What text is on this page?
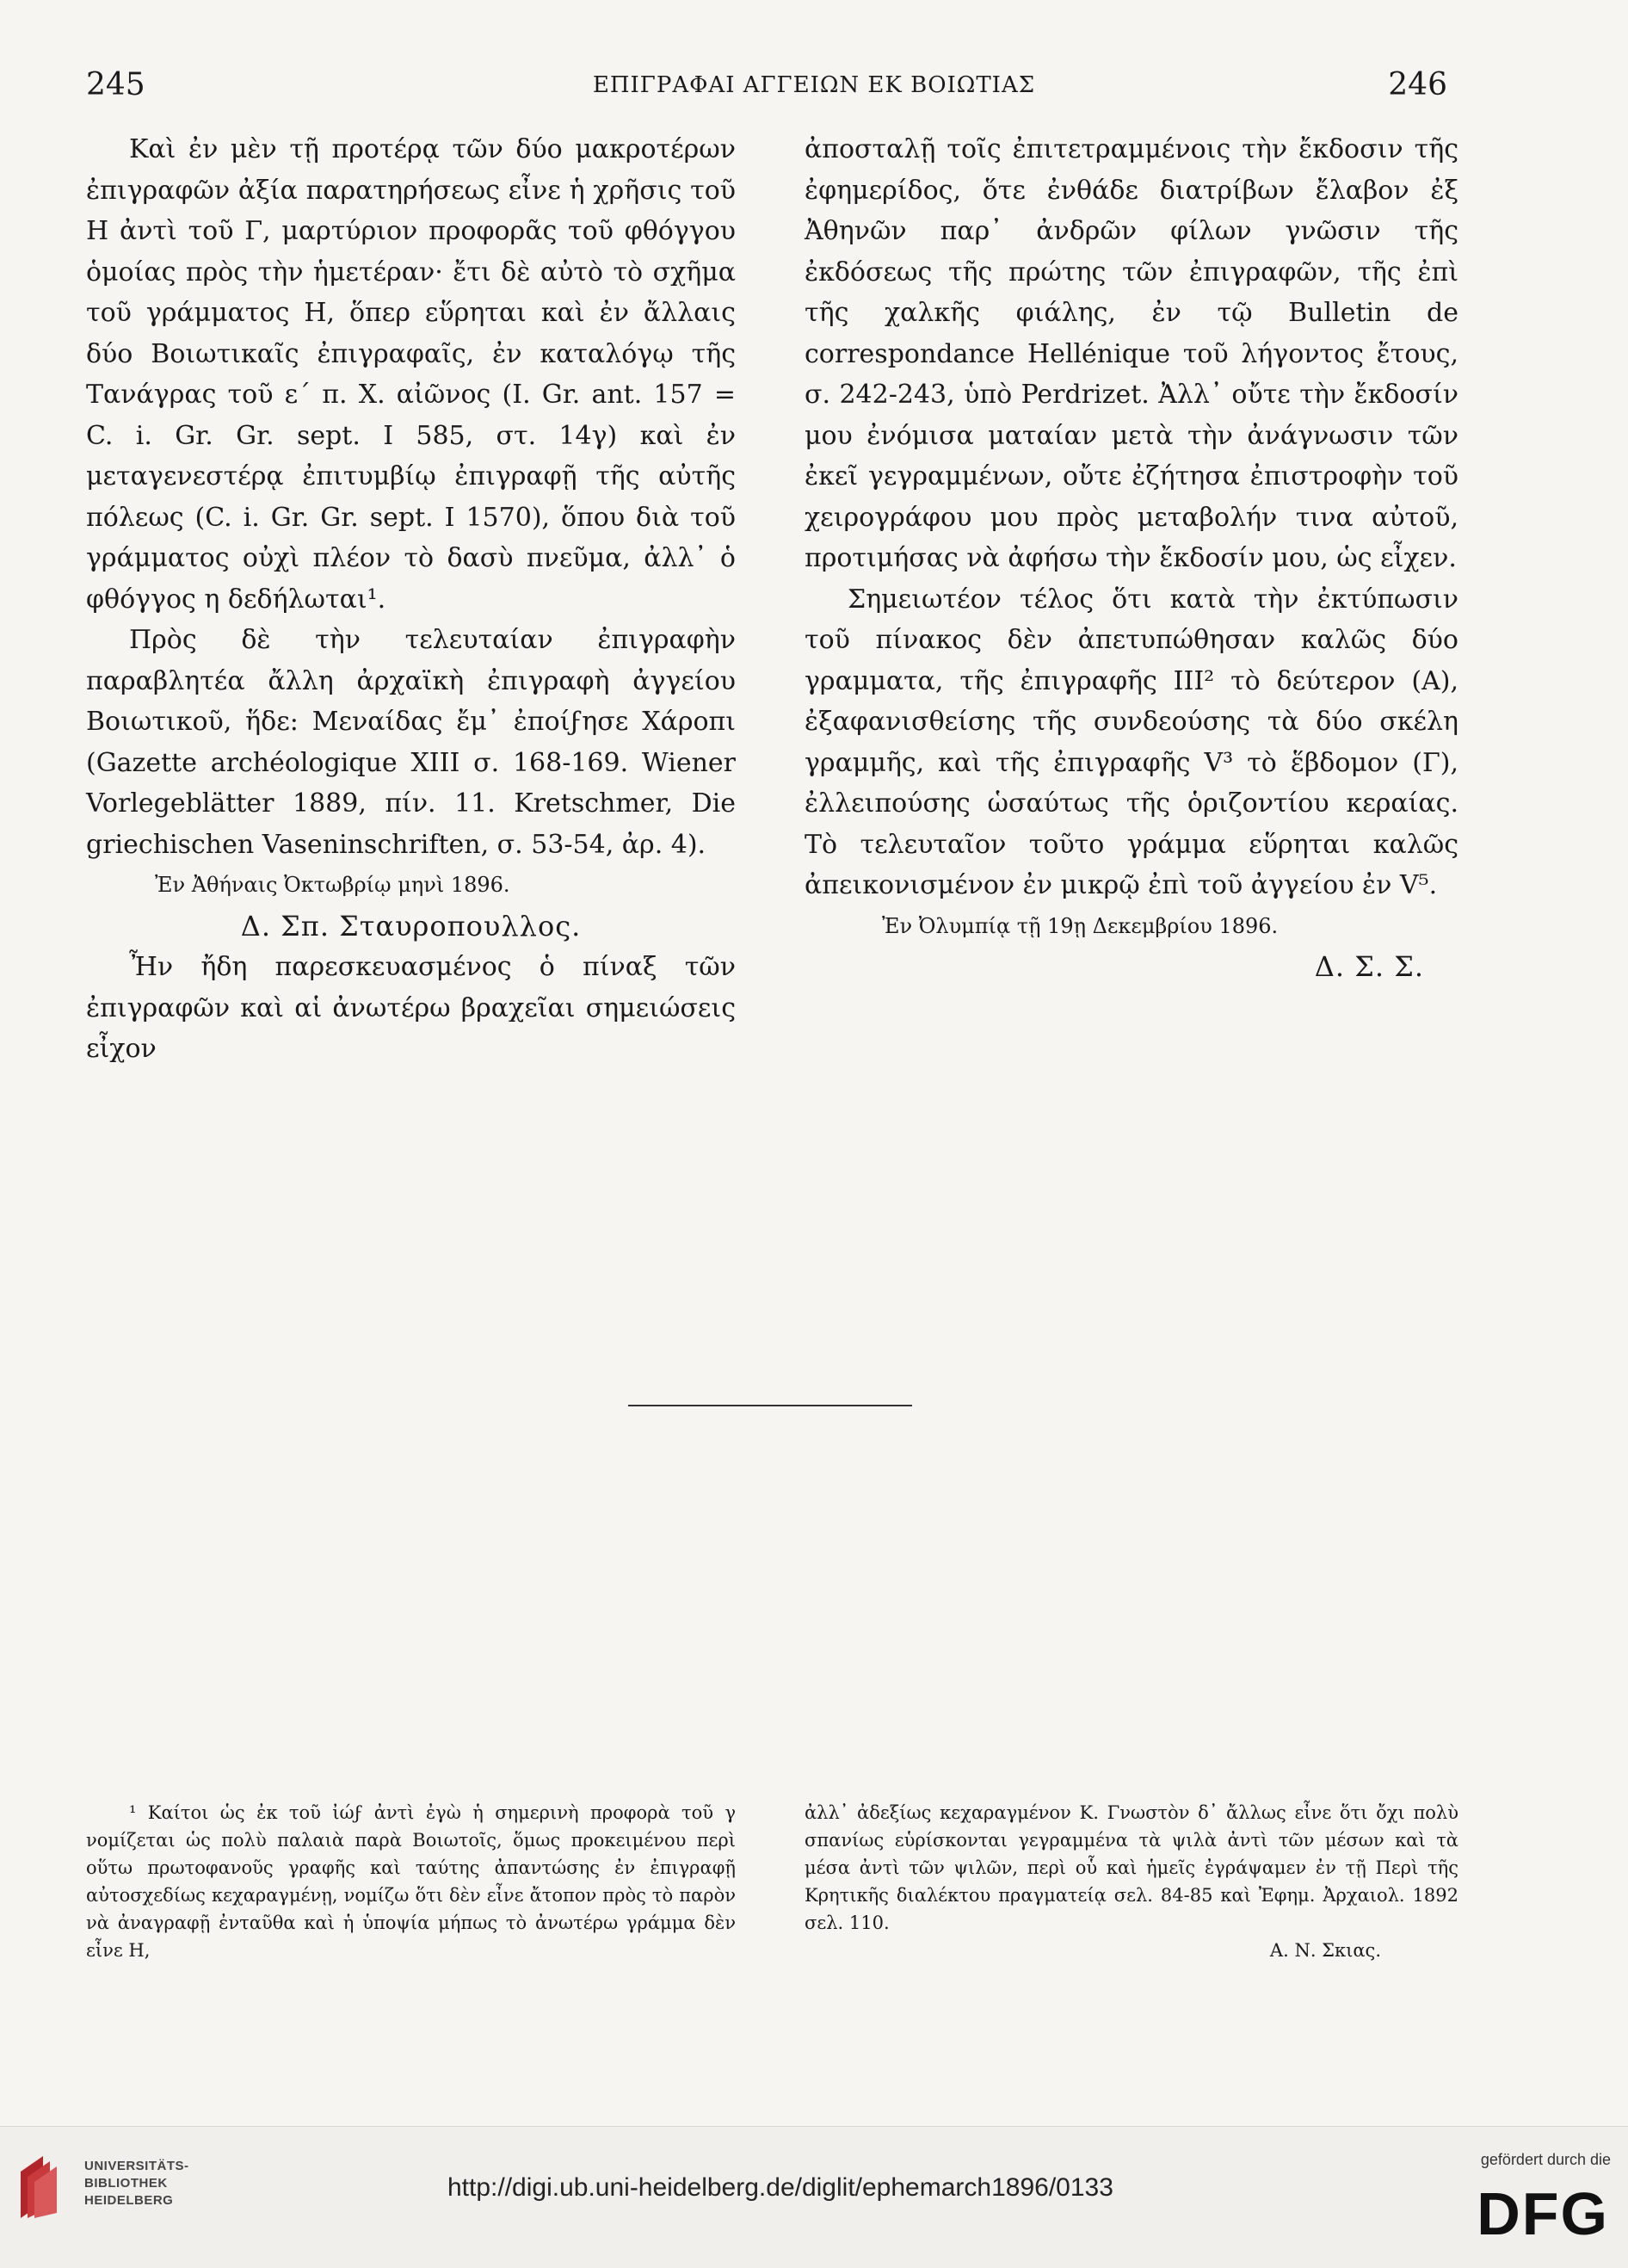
245	ΕΠΙΓΡΑΦΑΙ ΑΓΓΕΙΩΝ ΕΚ ΒΟΙΩΤΙΑΣ	246

Καὶ ἐν μὲν τῇ προτέρᾳ τῶν δύο μακροτέρων ἐπιγραφῶν ἀξία παρατηρήσεως εἶνε ἡ χρῆσις τοῦ Η ἀντὶ τοῦ Γ, μαρτύριον προφορᾶς τοῦ φθόγγου ὁμοίας πρὸς τὴν ἡμετέραν· ἔτι δὲ αὐτὸ τὸ σχῆμα τοῦ γράμματος Η, ὅπερ εὕρηται καὶ ἐν ἄλλαις δύο Βοιωτικαῖς ἐπιγραφαῖς, ἐν καταλόγῳ τῆς Τανάγρας τοῦ ε΄ π. Χ. αἰῶνος (I. Gr. ant. 157 = C. i. Gr. Gr. sept. I 585, στ. 14γ) καὶ ἐν μεταγενεστέρᾳ ἐπιτυμβίῳ ἐπιγραφῇ τῆς αὐτῆς πόλεως (C. i. Gr. Gr. sept. I 1570), ὅπου διὰ τοῦ γράμματος οὐχὶ πλέον τὸ δασὺ πνεῦμα, ἀλλ᾿ ὁ φθόγγος η δεδήλωται¹.

Πρὸς δὲ τὴν τελευταίαν ἐπιγραφὴν παραβλητέα ἄλλη ἀρχαϊκὴ ἐπιγραφὴ ἀγγείου Βοιωτικοῦ, ἥδε: Μεναίδας ἔμ᾿ ἐποίϝησε Χάροπι (Gazette archéologique XIII σ. 168-169. Wiener Vorlegeblätter 1889, πίν. 11. Kretschmer, Die griechischen Vaseninschriften, σ. 53-54, ἀρ. 4).

Ἐν Ἀθήναις Ὀκτωβρίῳ μηνὶ 1896.

Δ. Σπ. Σταυροπουλλος.

Ἦν ἤδη παρεσκευασμένος ὁ πίναξ τῶν ἐπιγραφῶν καὶ αἱ ἀνωτέρω βραχεῖαι σημειώσεις εἶχον

ἀποσταλῇ τοῖς ἐπιτετραμμένοις τὴν ἔκδοσιν τῆς ἐφημερίδος, ὅτε ἐνθάδε διατρίβων ἔλαβον ἐξ Ἀθηνῶν παρ᾿ ἀνδρῶν φίλων γνῶσιν τῆς ἐκδόσεως τῆς πρώτης τῶν ἐπιγραφῶν, τῆς ἐπὶ τῆς χαλκῆς φιάλης, ἐν τῷ Bulletin de correspondance Hellénique τοῦ λήγοντος ἔτους, σ. 242-243, ὑπὸ Perdrizet. Ἀλλ᾿ οὔτε τὴν ἔκδοσίν μου ἐνόμισα ματαίαν μετὰ τὴν ἀνάγνωσιν τῶν ἐκεῖ γεγραμμένων, οὔτε ἐζήτησα ἐπιστροφὴν τοῦ χειρογράφου μου πρὸς μεταβολήν τινα αὐτοῦ, προτιμήσας νὰ ἀφήσω τὴν ἔκδοσίν μου, ὡς εἶχεν.

Σημειωτέον τέλος ὅτι κατὰ τὴν ἐκτύπωσιν τοῦ πίνακος δὲν ἀπετυπώθησαν καλῶς δύο γραμματα, τῆς ἐπιγραφῆς III² τὸ δεύτερον (Α), ἐξαφανισθείσης τῆς συνδεούσης τὰ δύο σκέλη γραμμῆς, καὶ τῆς ἐπιγραφῆς V³ τὸ ἕβδομον (Γ), ἐλλειπούσης ὡσαύτως τῆς ὁριζοντίου κεραίας. Τὸ τελευταῖον τοῦτο γράμμα εὕρηται καλῶς ἀπεικονισμένον ἐν μικρῷ ἐπὶ τοῦ ἀγγείου ἐν V⁵.

Ἐν Ὀλυμπίᾳ τῇ 19ῃ Δεκεμβρίου 1896.

Δ. Σ. Σ.

¹ Καίτοι ὡς ἐκ τοῦ ἰώϝ ἀντὶ ἐγὼ ἡ σημερινὴ προφορὰ τοῦ γ νομίζεται ὡς πολὺ παλαιὰ παρὰ Βοιωτοῖς, ὅμως προκειμένου περὶ οὕτω πρωτοφανοῦς γραφῆς καὶ ταύτης ἀπαντώσης ἐν ἐπιγραφῇ αὐτοσχεδίως κεχαραγμένῃ, νομίζω ὅτι δὲν εἶνε ἄτοπον πρὸς τὸ παρὸν νὰ ἀναγραφῇ ἐνταῦθα καὶ ἡ ὑποψία μήπως τὸ ἀνωτέρω γράμμα δὲν εἶνε Η,

ἀλλ᾿ ἀδεξίως κεχαραγμένον Κ. Γνωστὸν δ᾿ ἄλλως εἶνε ὅτι ὄχι πολὺ σπανίως εὑρίσκονται γεγραμμένα τὰ ψιλὰ ἀντὶ τῶν μέσων καὶ τὰ μέσα ἀντὶ τῶν ψιλῶν, περὶ οὗ καὶ ἡμεῖς ἐγράψαμεν ἐν τῇ Περὶ τῆς Κρητικῆς διαλέκτου πραγματείᾳ σελ. 84-85 καὶ Ἐφημ. Ἀρχαιολ. 1892 σελ. 110.

Α. Ν. Σκιας.

UNIVERSITÄTS-
BIBLIOTHEK
HEIDELBERG	http://digi.ub.uni-heidelberg.de/diglit/ephemarch1896/0133
gefördert durch die
DFG
